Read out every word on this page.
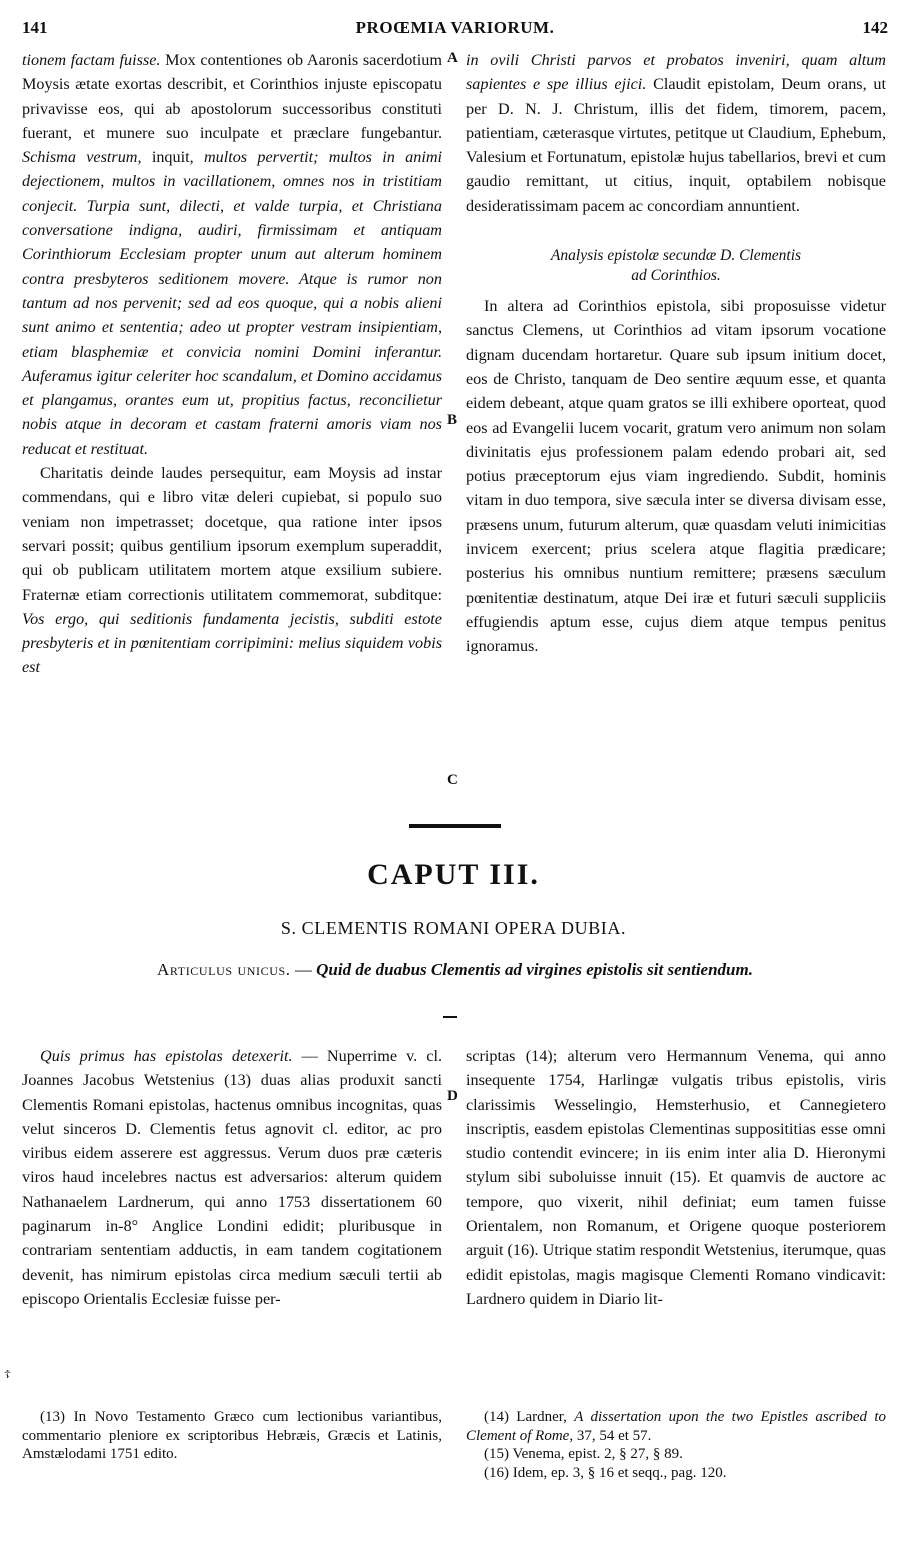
141	PROŒMIA VARIORUM.	142

tionem factam fuisse. Mox contentiones ob Aaronis sacerdotium Moysis ætate exortas describit, et Corinthios injuste episcopatu privavisse eos, qui ab apostolorum successoribus constituti fuerant, et munere suo inculpate et præclare fungebantur. Schisma vestrum, inquit, multos pervertit; multos in animi dejectionem, multos in vacillationem, omnes nos in tristitiam conjecit. Turpia sunt, dilecti, et valde turpia, et Christiana conversatione indigna, audiri, firmissimam et antiquam Corinthiorum Ecclesiam propter unum aut alterum hominem contra presbyteros seditionem movere. Atque is rumor non tantum ad nos pervenit; sed ad eos quoque, qui a nobis alieni sunt animo et sententia; adeo ut propter vestram insipientiam, etiam blasphemiæ et convicia nomini Domini inferantur. Auferamus igitur celeriter hoc scandalum, et Domino accidamus et plangamus, orantes eum ut, propitius factus, reconcilietur nobis atque in decoram et castam fraterni amoris viam nos reducat et restituat.

Charitatis deinde laudes persequitur, eam Moysis ad instar commendans, qui e libro vitæ deleri cupiebat, si populo suo veniam non impetrasset; docetque, qua ratione inter ipsos servari possit; quibus gentilium ipsorum exemplum superaddit, qui ob publicam utilitatem mortem atque exsilium subiere. Fraternæ etiam correctionis utilitatem commemorat, subditque: Vos ergo, qui seditionis fundamenta jecistis, subditi estote presbyteris et in pœnitentiam corripimini: melius siquidem vobis est

A
B
C

in ovili Christi parvos et probatos inveniri, quam altum sapientes e spe illius ejici. Claudit epistolam, Deum orans, ut per D. N. J. Christum, illis det fidem, timorem, pacem, patientiam, cæterasque virtutes, petitque ut Claudium, Ephebum, Valesium et Fortunatum, epistolæ hujus tabellarios, brevi et cum gaudio remittant, ut citius, inquit, optabilem nobisque desideratissimam pacem ac concordiam annuntient.

Analysis epistolæ secundæ D. Clementis
ad Corinthios.

In altera ad Corinthios epistola, sibi proposuisse videtur sanctus Clemens, ut Corinthios ad vitam ipsorum vocatione dignam ducendam hortaretur. Quare sub ipsum initium docet, eos de Christo, tanquam de Deo sentire æquum esse, et quanta eidem debeant, atque quam gratos se illi exhibere oporteat, quod eos ad Evangelii lucem vocarit, gratum vero animum non solam divinitatis ejus professionem palam edendo probari ait, sed potius præceptorum ejus viam ingrediendo. Subdit, hominis vitam in duo tempora, sive sæcula inter se diversa divisam esse, præsens unum, futurum alterum, quæ quasdam veluti inimicitias invicem exercent; prius scelera atque flagitia prædicare; posterius his omnibus nuntium remittere; præsens sæculum pœnitentiæ destinatum, atque Dei iræ et futuri sæculi suppliciis effugiendis aptum esse, cujus diem atque tempus penitus ignoramus.

CAPUT III.
S. CLEMENTIS ROMANI OPERA DUBIA.
Articulus unicus. — Quid de duabus Clementis ad virgines epistolis sit sentiendum.

Quis primus has epistolas detexerit. — Nuperrime v. cl. Joannes Jacobus Wetstenius (13) duas alias produxit sancti Clementis Romani epistolas, hactenus omnibus incognitas, quas velut sinceros D. Clementis fetus agnovit cl. editor, ac pro viribus eidem asserere est aggressus. Verum duos præ cæteris viros haud incelebres nactus est adversarios: alterum quidem Nathanaelem Lardnerum, qui anno 1753 dissertationem 60 paginarum in-8° Anglice Londini edidit; pluribusque in contrariam sententiam adductis, in eam tandem cogitationem devenit, has nimirum epistolas circa medium sæculi tertii ab episcopo Orientalis Ecclesiæ fuisse per-

D
☦

scriptas (14); alterum vero Hermannum Venema, qui anno insequente 1754, Harlingæ vulgatis tribus epistolis, viris clarissimis Wesselingio, Hemsterhusio, et Cannegietero inscriptis, easdem epistolas Clementinas supposititias esse omni studio contendit evincere; in iis enim inter alia D. Hieronymi stylum sibi suboluisse innuit (15). Et quamvis de auctore ac tempore, quo vixerit, nihil definiat; eum tamen fuisse Orientalem, non Romanum, et Origene quoque posteriorem arguit (16). Utrique statim respondit Wetstenius, iterumque, quas edidit epistolas, magis magisque Clementi Romano vindicavit: Lardnero quidem in Diario lit-

(13) In Novo Testamento Græco cum lectionibus variantibus, commentario pleniore ex scriptoribus Hebræis, Græcis et Latinis, Amstælodami 1751 edito.

(14) Lardner, A dissertation upon the two Epistles ascribed to Clement of Rome, 37, 54 et 57.

(15) Venema, epist. 2, § 27, § 89.

(16) Idem, ep. 3, § 16 et seqq., pag. 120.
